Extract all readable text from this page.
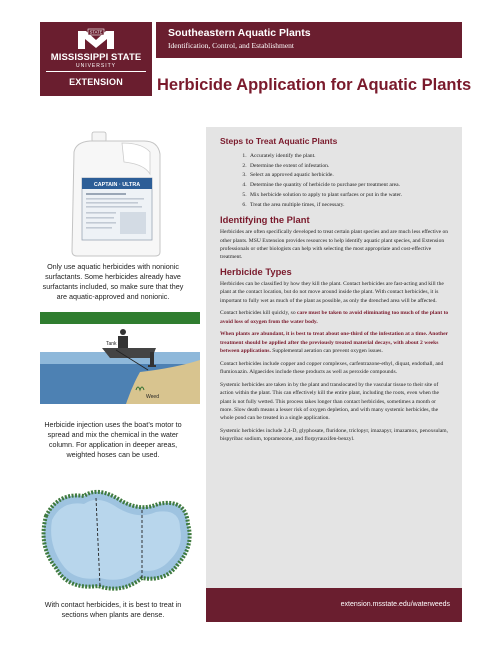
STATE
MISSISSIPPI STATE
UNIVERSITY
EXTENSION
Southeastern Aquatic Plants
Identification, Control, and Establishment
Herbicide Application for Aquatic Plants
CAPTAIN · ULTRA
Only use aquatic herbicides with nonionic surfactants. Some herbicides already have surfactants included, so make sure that they are aquatic-approved and nonionic.
Tank
Weed
Herbicide injection uses the boat’s motor to spread and mix the chemical in the water column. For application in deeper areas, weighted hoses can be used.
With contact herbicides, it is best to treat in sections when plants are dense.
Steps to Treat Aquatic Plants
1. Accurately identify the plant.
2. Determine the extent of infestation.
3. Select an approved aquatic herbicide.
4. Determine the quantity of herbicide to purchase per treatment area.
5. Mix herbicide solution to apply to plant surfaces or put in the water.
6. Treat the area multiple times, if necessary.
Identifying the Plant

Herbicides are often specifically developed to treat certain plant species and are much less effective on other plants. MSU Extension provides resources to help identify aquatic plant species, and Extension professionals or other biologists can help with selecting the most appropriate and cost-effective treatment.

Herbicide Types

Herbicides can be classified by how they kill the plant. Contact herbicides are fast-acting and kill the plant at the contact location, but do not move around inside the plant. With contact herbicides, it is important to fully wet as much of the plant as possible, as only the drenched area will be affected.

Contact herbicides kill quickly, so care must be taken to avoid eliminating too much of the plant to avoid loss of oxygen from the water body.

When plants are abundant, it is best to treat about one-third of the infestation at a time. Another treatment should be applied after the previously treated material decays, with about 2 weeks between applications. Supplemental aeration can prevent oxygen issues.

Contact herbicides include copper and copper complexes, carfentrazone-ethyl, diquat, endothall, and flumioxazin. Algaecides include these products as well as peroxide compounds.

Systemic herbicides are taken in by the plant and translocated by the vascular tissue to their site of action within the plant. This can effectively kill the entire plant, including the roots, even when the plant is not fully wetted. This process takes longer than contact herbicides, sometimes a month or more. Slow death means a lesser risk of oxygen depletion, and with many systemic herbicides, the whole pond can be treated in a single application.

Systemic herbicides include 2,4-D, glyphosate, fluridone, triclopyr, imazapyr, imazamox, penoxsulam, bispyribac sodium, topramezone, and florpyrauxifen-benzyl.

extension.msstate.edu/waterweeds
